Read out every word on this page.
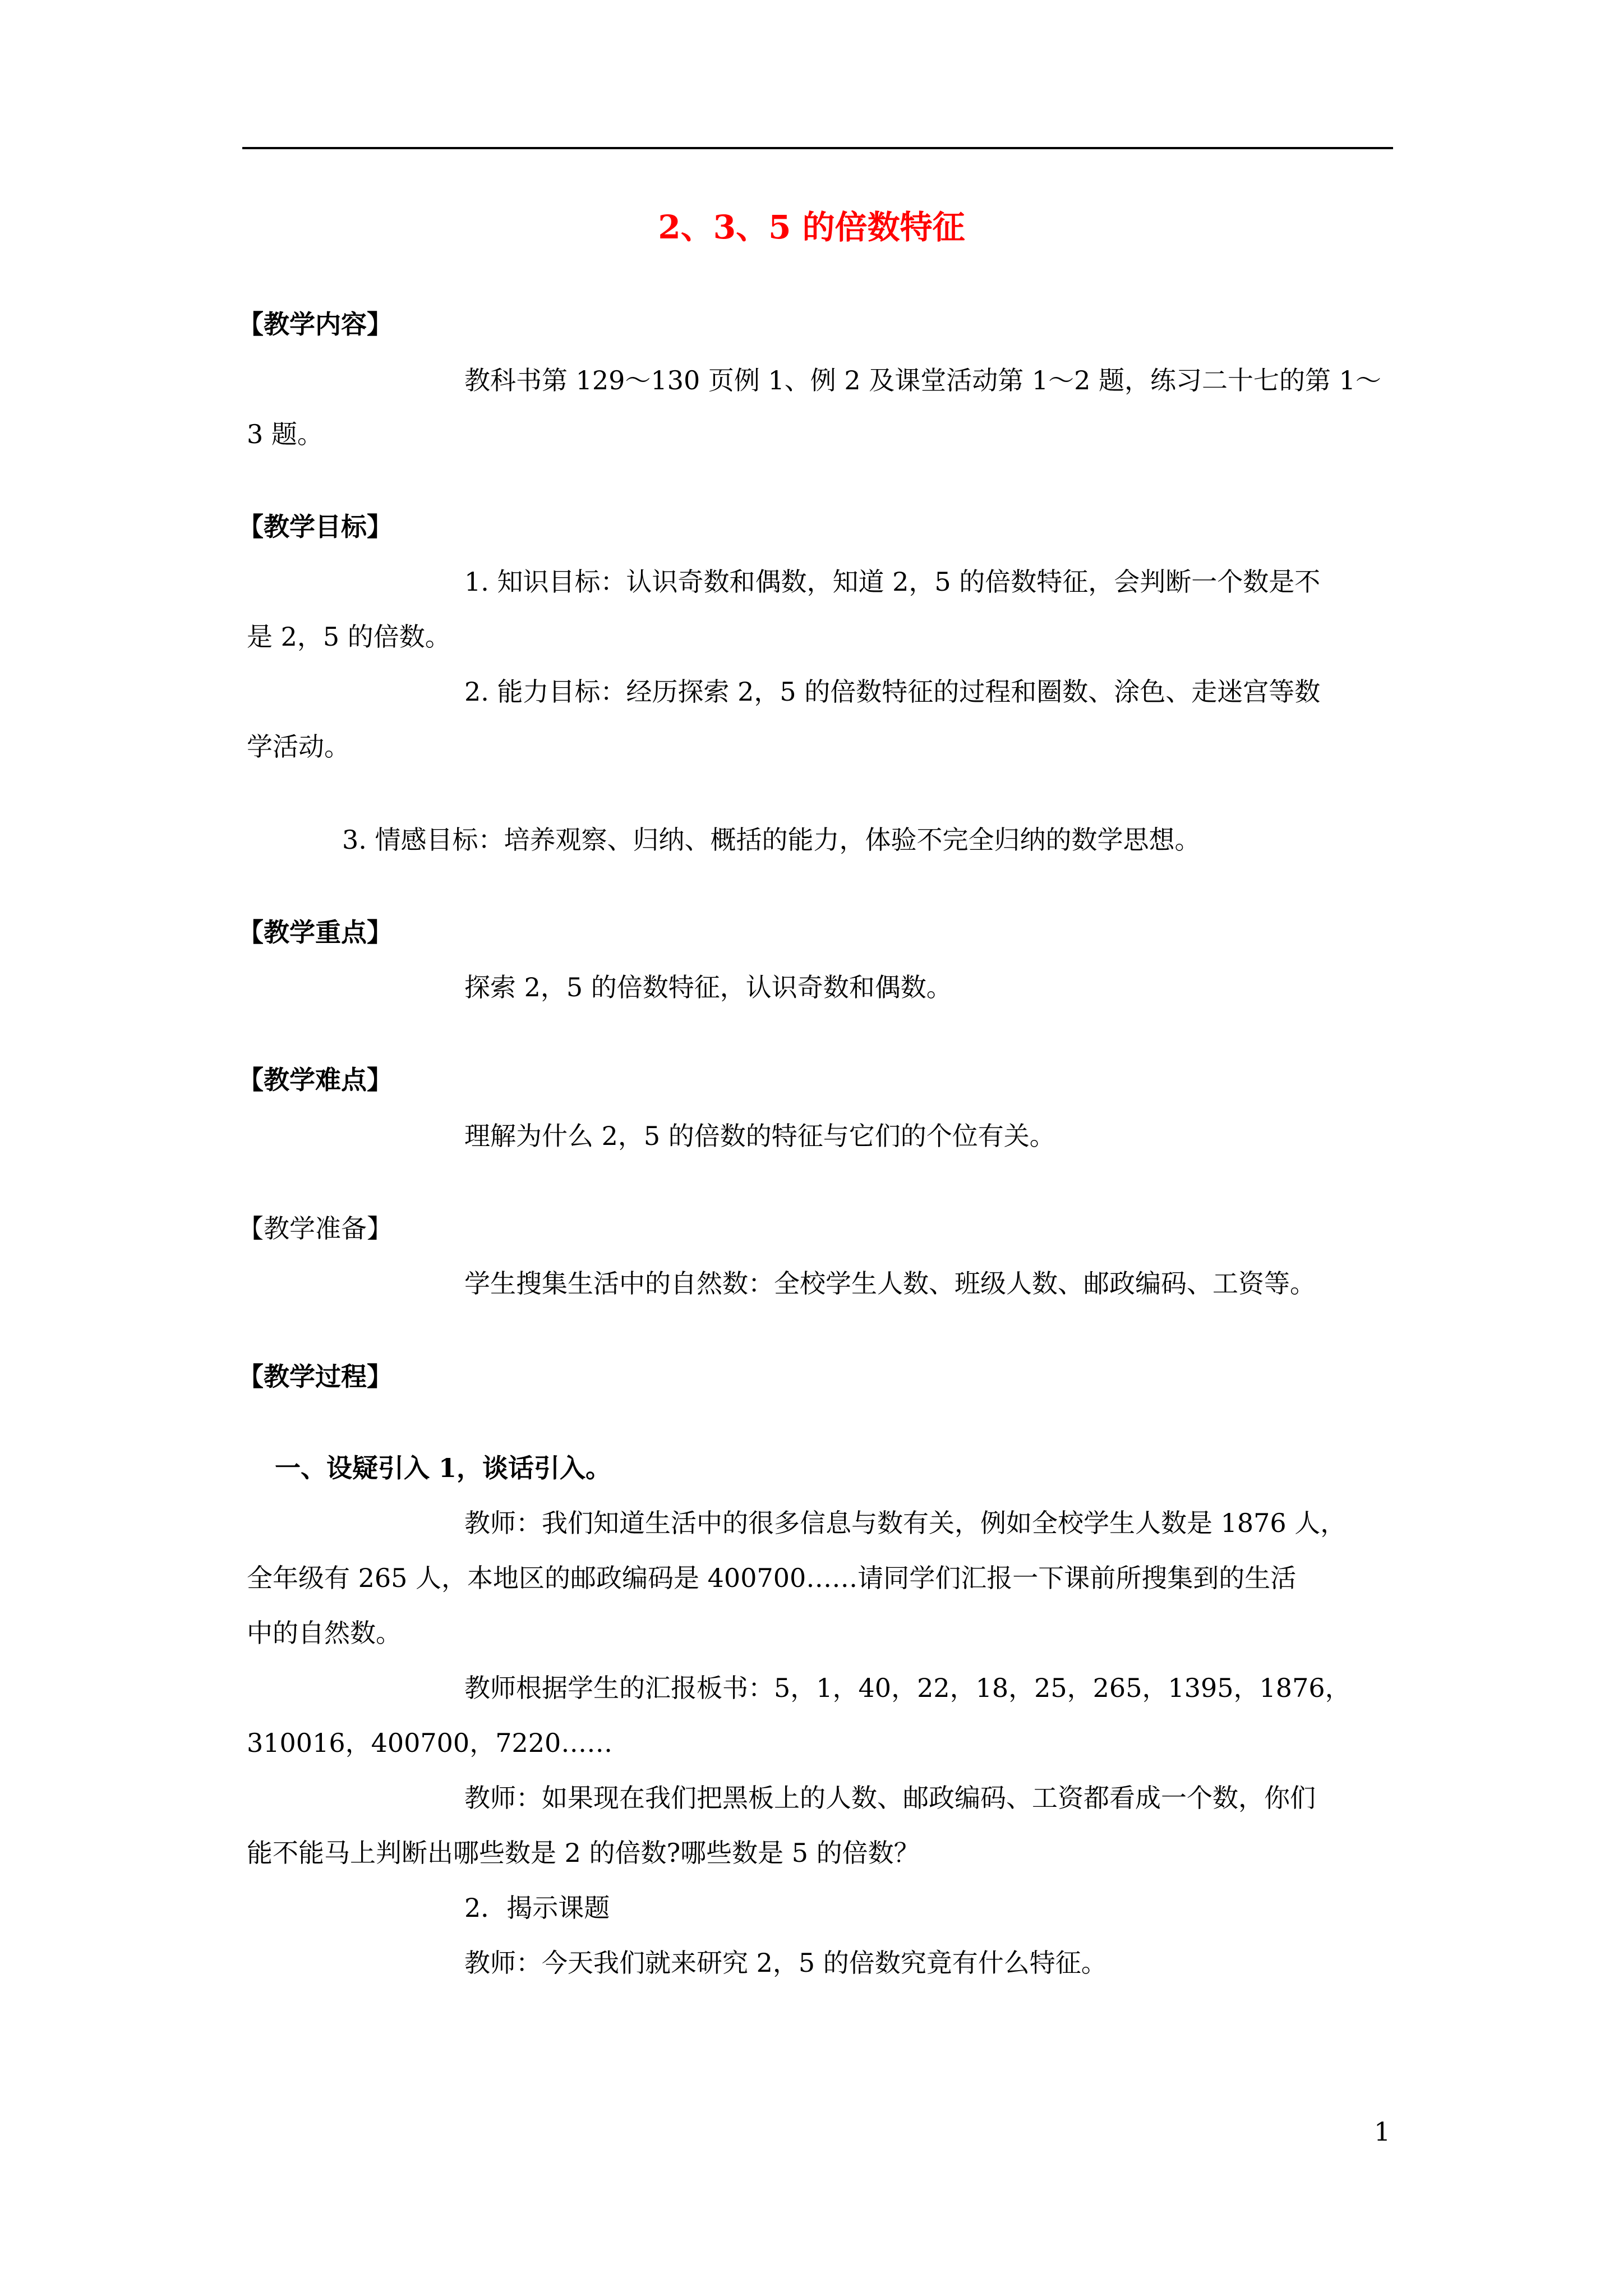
2、3、5 的倍数特征
【教学内容】
教科书第 129～130 页例 1、例 2 及课堂活动第 1～2 题，练习二十七的第 1～
3 题。
【教学目标】
1. 知识目标：认识奇数和偶数，知道 2，5 的倍数特征，会判断一个数是不
是 2，5 的倍数。
2. 能力目标：经历探索 2，5 的倍数特征的过程和圈数、涂色、走迷宫等数
学活动。
3. 情感目标：培养观察、归纳、概括的能力，体验不完全归纳的数学思想。
【教学重点】
探索 2，5 的倍数特征，认识奇数和偶数。
【教学难点】
理解为什么 2，5 的倍数的特征与它们的个位有关。
【教学准备】
学生搜集生活中的自然数：全校学生人数、班级人数、邮政编码、工资等。
【教学过程】
一、设疑引入 1，谈话引入。
教师：我们知道生活中的很多信息与数有关，例如全校学生人数是 1876 人，
全年级有 265 人，本地区的邮政编码是 400700……请同学们汇报一下课前所搜集到的生活
中的自然数。
教师根据学生的汇报板书：5，1，40，22，18，25，265，1395，1876，
310016，400700，7220……
教师：如果现在我们把黑板上的人数、邮政编码、工资都看成一个数，你们
能不能马上判断出哪些数是 2 的倍数?哪些数是 5 的倍数？
2．揭示课题
教师：今天我们就来研究 2，5 的倍数究竟有什么特征。
1
